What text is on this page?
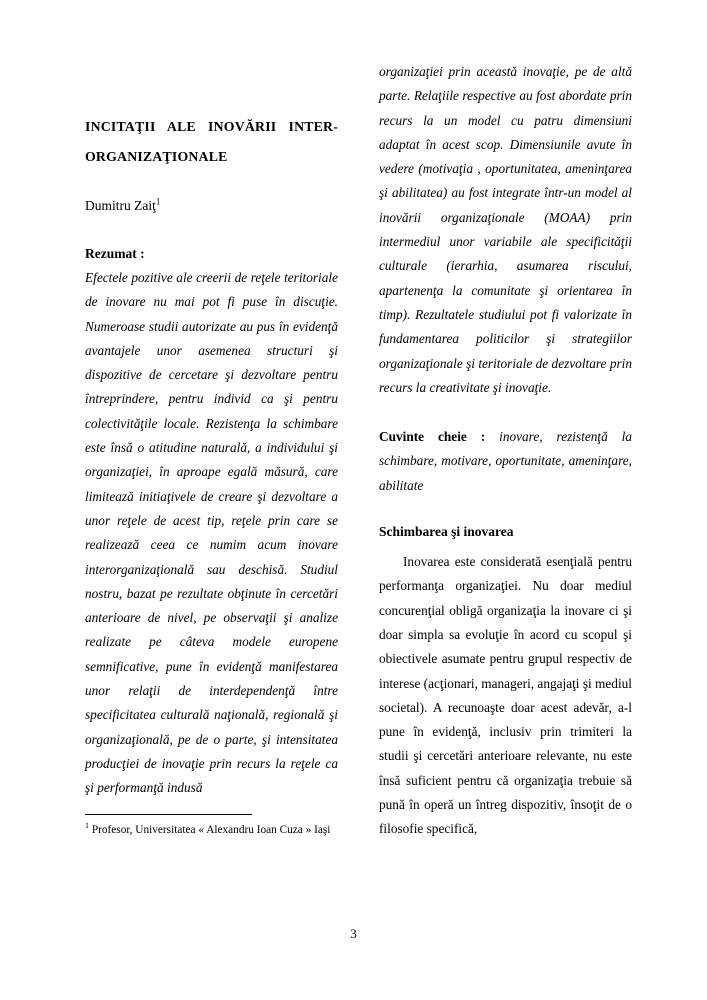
INCITAŢII ALE INOVĂRII INTER-
ORGANIZAŢIONALE
Dumitru Zaiţ$^1$
Rezumat :
Efectele pozitive ale creerii de reţele teritoriale de inovare nu mai pot fi puse în discuţie. Numeroase studii autorizate au pus în evidenţă avantajele unor asemenea structuri şi dispozitive de cercetare şi dezvoltare pentru întreprindere, pentru individ ca şi pentru colectivităţile locale. Rezistenţa la schimbare este însă o atitudine naturală, a individului şi organizaţiei, în aproape egală măsură, care limitează initiaţivele de creare şi dezvoltare a unor reţele de acest tip, reţele prin care se realizează ceea ce numim acum inovare interorganizaţională sau deschisă. Studiul nostru, bazat pe rezultate obţinute în cercetări anterioare de nivel, pe observaţii şi analize realizate pe câteva modele europene semnificative, pune în evidenţă manifestarea unor relaţii de interdependenţă între specificitatea culturală naţională, regională şi organizaţională, pe de o parte, şi intensitatea producţiei de inovaţie prin recurs la reţele ca şi performanţă indusă
$^1$ Profesor, Universitatea « Alexandru Ioan Cuza » Iaşi
organizaţiei prin această inovaţie, pe de altă parte. Relaţiile respective au fost abordate prin recurs la un model cu patru dimensiuni adaptat în acest scop. Dimensiunile avute în vedere (motivaţia , oportunitatea, ameninţarea şi abilitatea) au fost integrate într-un model al inovării organizaţionale (MOAA) prin intermediul unor variabile ale specificităţii culturale (ierarhia, asumarea riscului, apartenenţa la comunitate şi orientarea în timp). Rezultatele studiului pot fi valorizate în fundamentarea politicilor şi strategiilor organizaţionale şi teritoriale de dezvoltare prin recurs la creativitate şi inovaţie.
Cuvinte cheie : inovare, rezistenţă la schimbare, motivare, oportunitate, ameninţare, abilitate
Schimbarea şi inovarea
Inovarea este considerată esenţială pentru performanţa organizaţiei. Nu doar mediul concurenţial obligă organizaţia la inovare ci şi doar simpla sa evoluţie în acord cu scopul şi obiectivele asumate pentru grupul respectiv de interese (acţionari, manageri, angajaţi şi mediul societal). A recunoaşte doar acest adevăr, a-l pune în evidenţă, inclusiv prin trimiteri la studii şi cercetări anterioare relevante, nu este însă suficient pentru că organizaţia trebuie să pună în operă un întreg dispozitiv, însoţit de o filosofie specifică,
3
